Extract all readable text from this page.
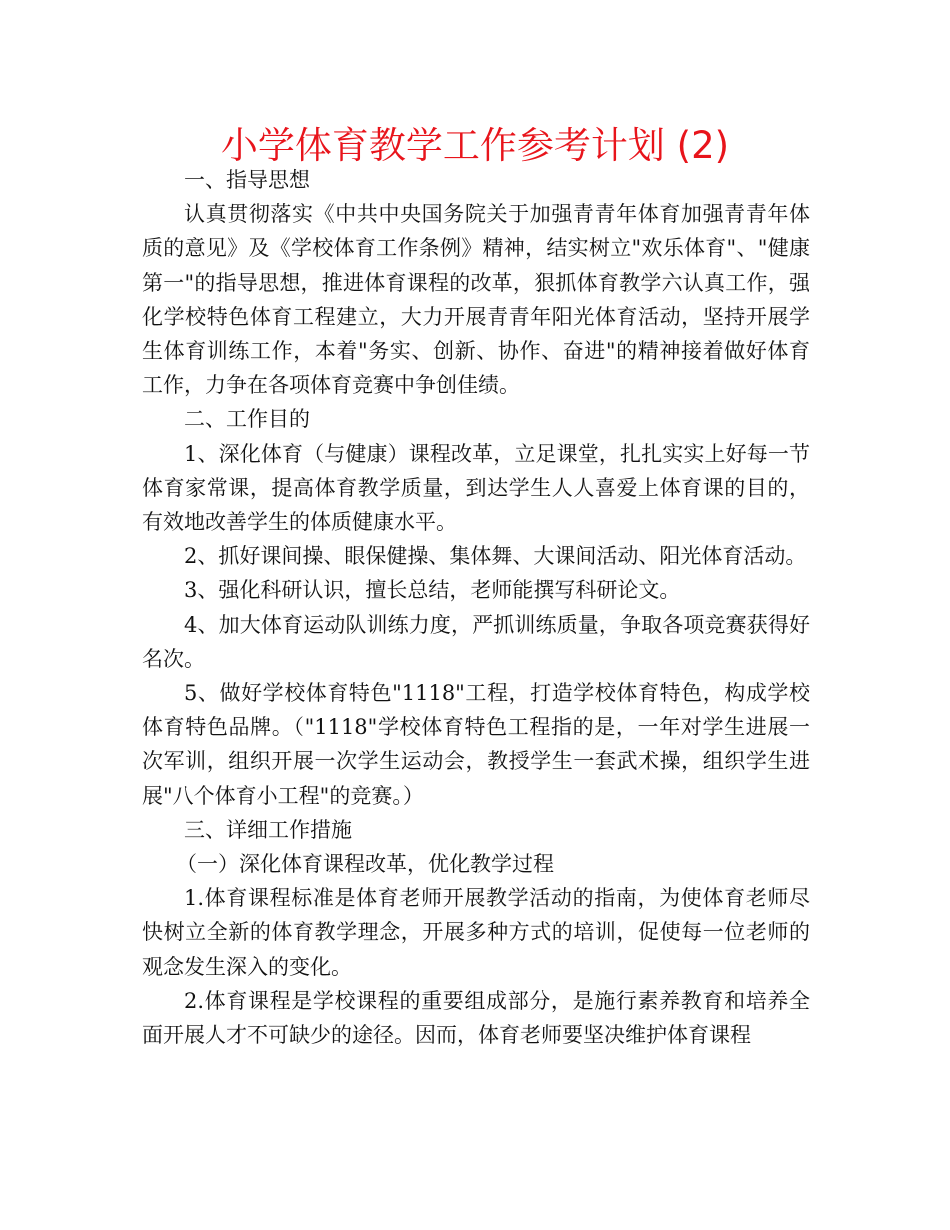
小学体育教学工作参考计划 (2)

一、指导思想

认真贯彻落实《中共中央国务院关于加强青青年体育加强青青年体质的意见》及《学校体育工作条例》精神，结实树立"欢乐体育"、"健康第一"的指导思想，推进体育课程的改革，狠抓体育教学六认真工作，强化学校特色体育工程建立，大力开展青青年阳光体育活动，坚持开展学生体育训练工作，本着"务实、创新、协作、奋进"的精神接着做好体育工作，力争在各项体育竞赛中争创佳绩。

二、工作目的

1、深化体育（与健康）课程改革，立足课堂，扎扎实实上好每一节体育家常课，提高体育教学质量，到达学生人人喜爱上体育课的目的，有效地改善学生的体质健康水平。

2、抓好课间操、眼保健操、集体舞、大课间活动、阳光体育活动。

3、强化科研认识，擅长总结，老师能撰写科研论文。

4、加大体育运动队训练力度，严抓训练质量，争取各项竞赛获得好名次。

5、做好学校体育特色"1118"工程，打造学校体育特色，构成学校体育特色品牌。（"1118"学校体育特色工程指的是，一年对学生进展一次军训，组织开展一次学生运动会，教授学生一套武术操，组织学生进展"八个体育小工程"的竞赛。）

三、详细工作措施

（一）深化体育课程改革，优化教学过程

1.体育课程标准是体育老师开展教学活动的指南，为使体育老师尽快树立全新的体育教学理念，开展多种方式的培训，促使每一位老师的观念发生深入的变化。

2.体育课程是学校课程的重要组成部分，是施行素养教育和培养全面开展人才不可缺少的途径。因而，体育老师要坚决维护体育课程
